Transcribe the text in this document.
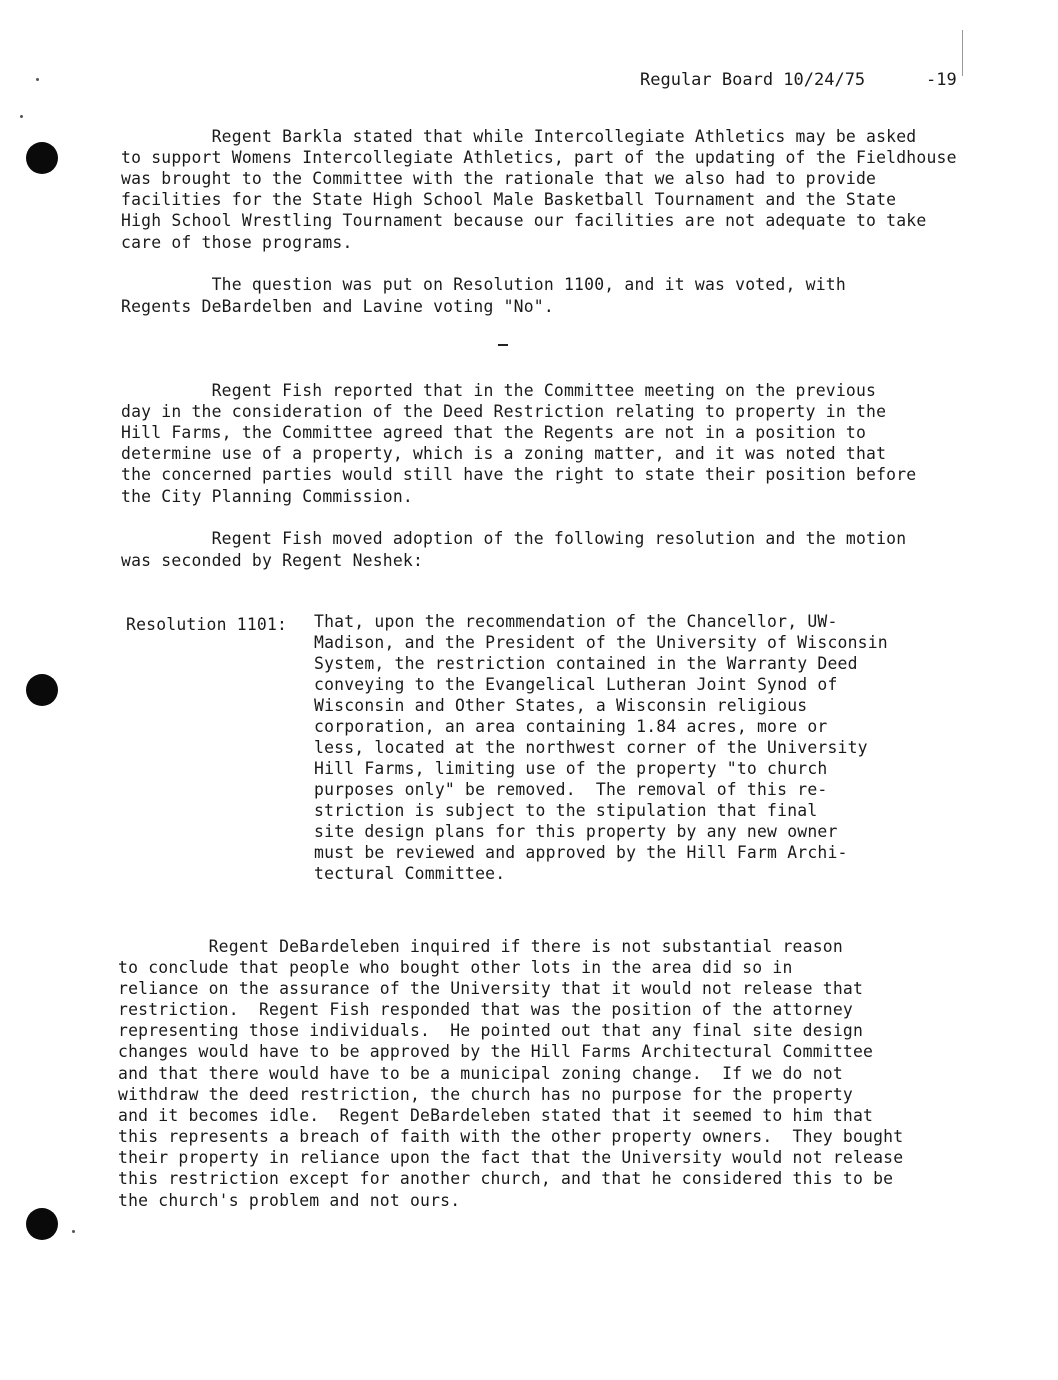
Regular Board 10/24/75	-19
Regent Barkla stated that while Intercollegiate Athletics may be asked
to support Womens Intercollegiate Athletics, part of the updating of the Fieldhouse
was brought to the Committee with the rationale that we also had to provide
facilities for the State High School Male Basketball Tournament and the State
High School Wrestling Tournament because our facilities are not adequate to take
care of those programs.
The question was put on Resolution 1100, and it was voted, with
Regents DeBardelben and Lavine voting "No".
Regent Fish reported that in the Committee meeting on the previous
day in the consideration of the Deed Restriction relating to property in the
Hill Farms, the Committee agreed that the Regents are not in a position to
determine use of a property, which is a zoning matter, and it was noted that
the concerned parties would still have the right to state their position before
the City Planning Commission.
Regent Fish moved adoption of the following resolution and the motion
was seconded by Regent Neshek:
Resolution 1101: That, upon the recommendation of the Chancellor, UW-
Madison, and the President of the University of Wisconsin
System, the restriction contained in the Warranty Deed
conveying to the Evangelical Lutheran Joint Synod of
Wisconsin and Other States, a Wisconsin religious
corporation, an area containing 1.84 acres, more or
less, located at the northwest corner of the University
Hill Farms, limiting use of the property "to church
purposes only" be removed.  The removal of this re-
striction is subject to the stipulation that final
site design plans for this property by any new owner
must be reviewed and approved by the Hill Farm Archi-
tectural Committee.
Regent DeBardeleben inquired if there is not substantial reason
to conclude that people who bought other lots in the area did so in
reliance on the assurance of the University that it would not release that
restriction.  Regent Fish responded that was the position of the attorney
representing those individuals.  He pointed out that any final site design
changes would have to be approved by the Hill Farms Architectural Committee
and that there would have to be a municipal zoning change.  If we do not
withdraw the deed restriction, the church has no purpose for the property
and it becomes idle.  Regent DeBardeleben stated that it seemed to him that
this represents a breach of faith with the other property owners.  They bought
their property in reliance upon the fact that the University would not release
this restriction except for another church, and that he considered this to be
the church's problem and not ours.
